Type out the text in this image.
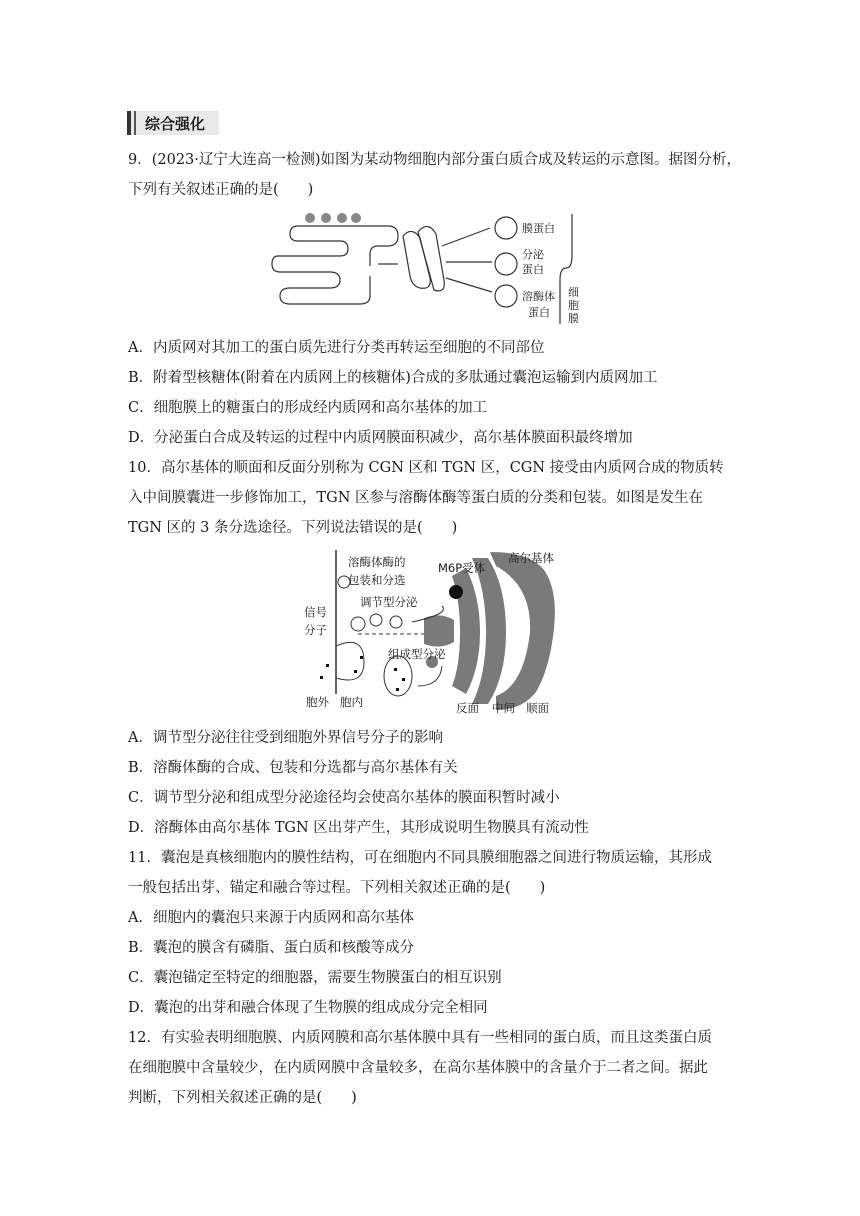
综合强化
9．(2023·辽宁大连高一检测)如图为某动物细胞内部分蛋白质合成及转运的示意图。据图分析，
下列有关叙述正确的是(　　)
膜蛋白
分泌
蛋白
溶酶体
蛋白
细
胞
膜
A．内质网对其加工的蛋白质先进行分类再转运至细胞的不同部位
B．附着型核糖体(附着在内质网上的核糖体)合成的多肽通过囊泡运输到内质网加工
C．细胞膜上的糖蛋白的形成经内质网和高尔基体的加工
D．分泌蛋白合成及转运的过程中内质网膜面积减少，高尔基体膜面积最终增加
10．高尔基体的顺面和反面分别称为 CGN 区和 TGN 区，CGN 接受由内质网合成的物质转
入中间膜囊进一步修饰加工，TGN 区参与溶酶体酶等蛋白质的分类和包装。如图是发生在
TGN 区的 3 条分选途径。下列说法错误的是(　　)
溶酶体酶的
包装和分选
M6P受体
高尔基体
调节型分泌
信号
分子
组成型分泌
胞外 胞内	反面 中间 顺面
A．调节型分泌往往受到细胞外界信号分子的影响
B．溶酶体酶的合成、包装和分选都与高尔基体有关
C．调节型分泌和组成型分泌途径均会使高尔基体的膜面积暂时减小
D．溶酶体由高尔基体 TGN 区出芽产生，其形成说明生物膜具有流动性
11．囊泡是真核细胞内的膜性结构，可在细胞内不同具膜细胞器之间进行物质运输，其形成
一般包括出芽、锚定和融合等过程。下列相关叙述正确的是(　　)
A．细胞内的囊泡只来源于内质网和高尔基体
B．囊泡的膜含有磷脂、蛋白质和核酸等成分
C．囊泡锚定至特定的细胞器，需要生物膜蛋白的相互识别
D．囊泡的出芽和融合体现了生物膜的组成成分完全相同
12．有实验表明细胞膜、内质网膜和高尔基体膜中具有一些相同的蛋白质，而且这类蛋白质
在细胞膜中含量较少，在内质网膜中含量较多，在高尔基体膜中的含量介于二者之间。据此
判断，下列相关叙述正确的是(　　)
